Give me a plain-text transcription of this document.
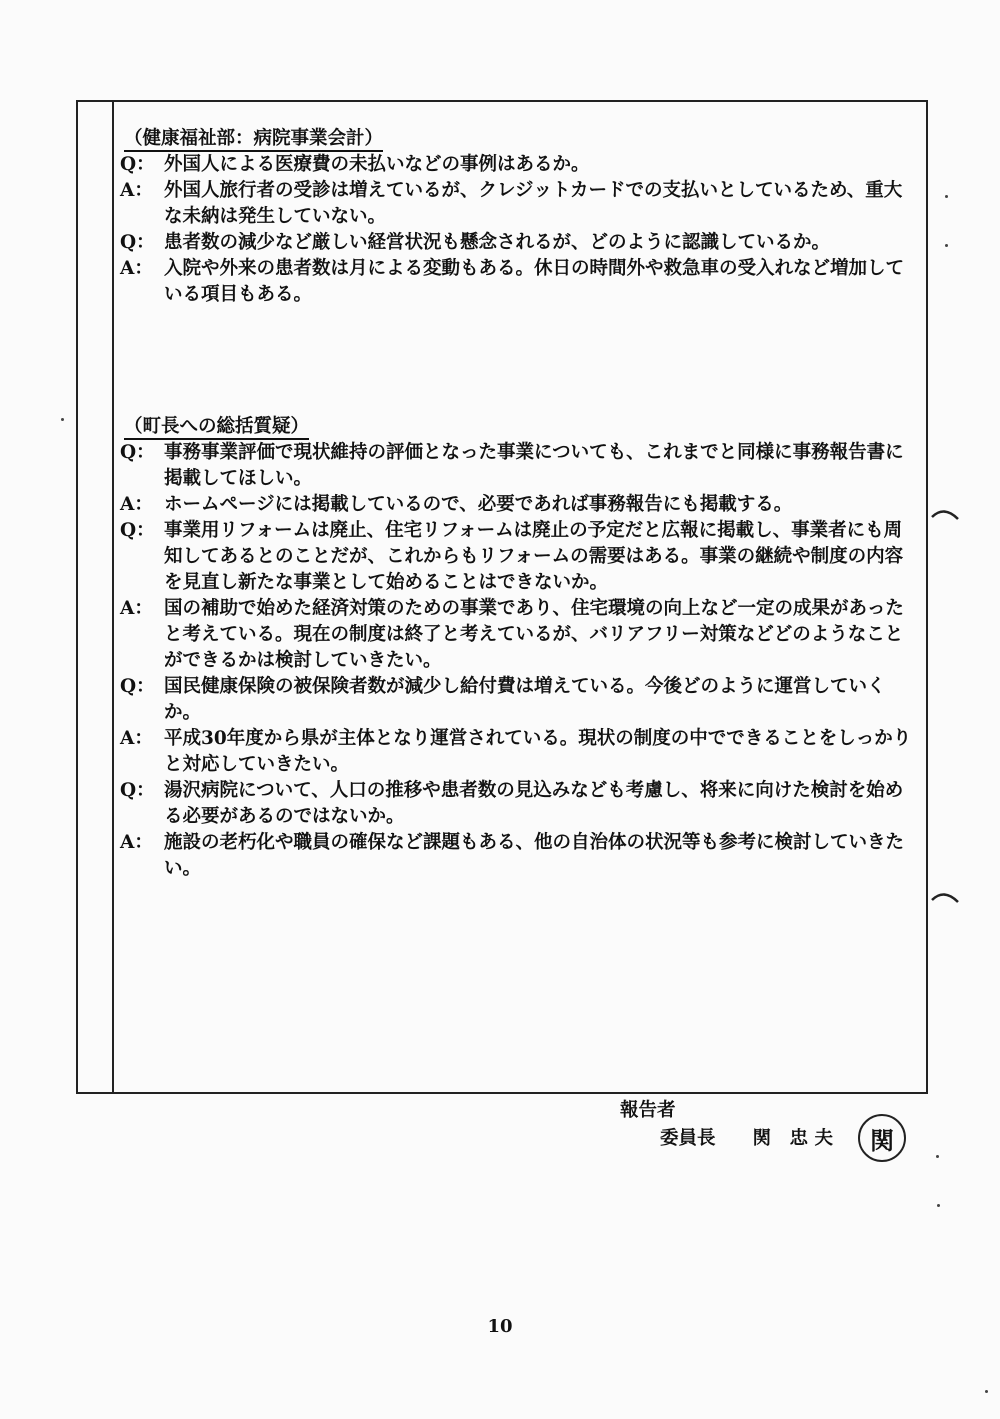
（健康福祉部：病院事業会計）
Q： 外国人による医療費の未払いなどの事例はあるか。
A： 外国人旅行者の受診は増えているが、クレジットカードでの支払いとしているため、重大な未納は発生していない。
Q： 患者数の減少など厳しい経営状況も懸念されるが、どのように認識しているか。
A： 入院や外来の患者数は月による変動もある。休日の時間外や救急車の受入れなど増加している項目もある。
（町長への総括質疑）
Q： 事務事業評価で現状維持の評価となった事業についても、これまでと同様に事務報告書に掲載してほしい。
A： ホームページには掲載しているので、必要であれば事務報告にも掲載する。
Q： 事業用リフォームは廃止、住宅リフォームは廃止の予定だと広報に掲載し、事業者にも周知してあるとのことだが、これからもリフォームの需要はある。事業の継続や制度の内容を見直し新たな事業として始めることはできないか。
A： 国の補助で始めた経済対策のための事業であり、住宅環境の向上など一定の成果があったと考えている。現在の制度は終了と考えているが、バリアフリー対策などどのようなことができるかは検討していきたい。
Q： 国民健康保険の被保険者数が減少し給付費は増えている。今後どのように運営していくか。
A： 平成30年度から県が主体となり運営されている。現状の制度の中でできることをしっかりと対応していきたい。
Q： 湯沢病院について、人口の推移や患者数の見込みなども考慮し、将来に向けた検討を始める必要があるのではないか。
A： 施設の老朽化や職員の確保など課題もある、他の自治体の状況等も参考に検討していきたい。
報告者
委員長　　 関　忠 夫 関
10
